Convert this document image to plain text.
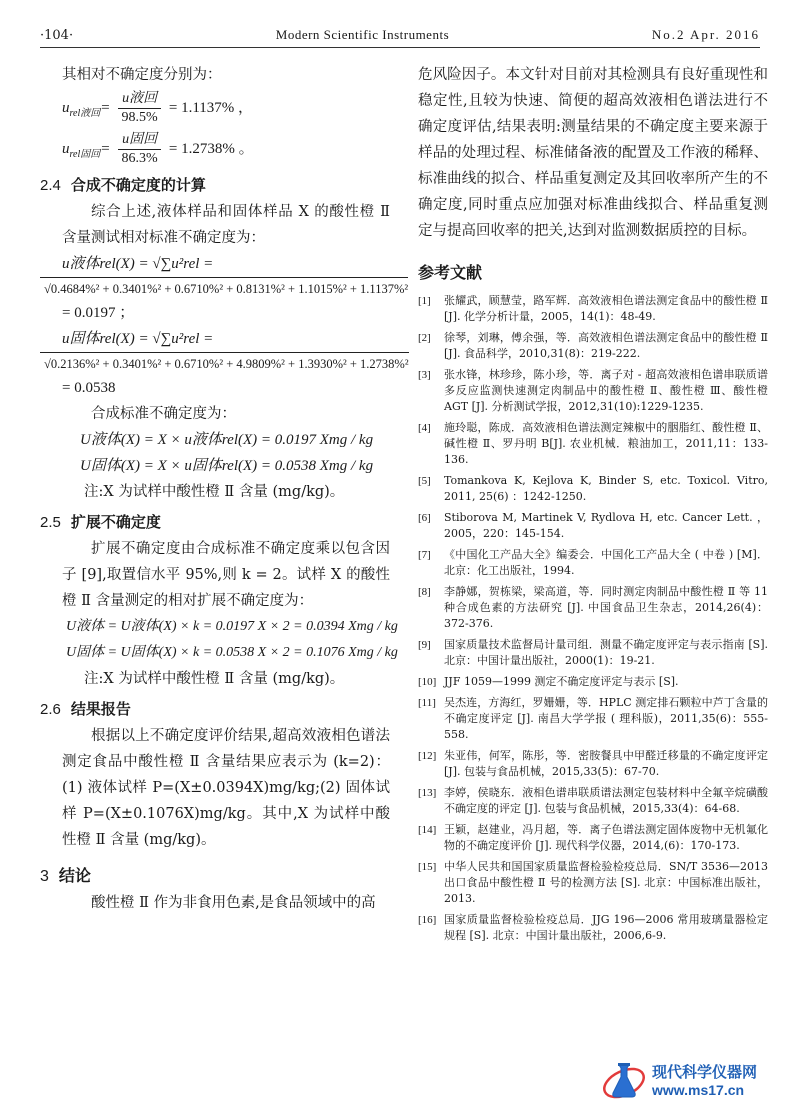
·104·	Modern Scientific Instruments	No.2 Apr. 2016
其相对不确定度分别为：
$u_{rel液回}= \frac{\text{u液回}}{98.5\%} = 1.1137\%$ ，
$u_{rel固回}= \frac{\text{u固回}}{86.3\%} = 1.2738\%$ 。
2.4 合成不确定度的计算
综合上述,液体样品和固体样品 X 的酸性橙 Ⅱ 含量测试相对标准不确定度为：
u液体rel(X) = √∑u²rel =
√0.4684%² + 0.3401%² + 0.6710%² + 0.8131%² + 1.1015%² + 1.1137%²
= 0.0197 ；
u固体rel(X) = √∑u²rel =
√0.2136%² + 0.3401%² + 0.6710%² + 4.9809%² + 1.3930%² + 1.2738%²
= 0.0538
合成标准不确定度为：
U液体(X) = X × u液体rel(X) = 0.0197 Xmg / kg
U固体(X) = X × u固体rel(X) = 0.0538 Xmg / kg
注:X 为试样中酸性橙 Ⅱ 含量 (mg/kg)。
2.5 扩展不确定度
扩展不确定度由合成标准不确定度乘以包含因子 [9],取置信水平 95%,则 k = 2。试样 X 的酸性橙 Ⅱ 含量测定的相对扩展不确定度为：
U液体 = U液体(X) × k = 0.0197 X × 2 = 0.0394 Xmg / kg
U固体 = U固体(X) × k = 0.0538 X × 2 = 0.1076 Xmg / kg
注:X 为试样中酸性橙 Ⅱ 含量 (mg/kg)。
2.6 结果报告
根据以上不确定度评价结果,超高效液相色谱法测定食品中酸性橙 Ⅱ 含量结果应表示为 (k=2)：(1) 液体试样 P=(X±0.0394X)mg/kg;(2) 固体试样 P=(X±0.1076X)mg/kg。其中,X 为试样中酸性橙 Ⅱ 含量 (mg/kg)。
3 结论
酸性橙 Ⅱ 作为非食用色素,是食品领域中的高
危风险因子。本文针对目前对其检测具有良好重现性和稳定性,且较为快速、简便的超高效液相色谱法进行不确定度评估,结果表明:测量结果的不确定度主要来源于样品的处理过程、标准储备液的配置及工作液的稀释、标准曲线的拟合、样品重复测定及其回收率所产生的不确定度,同时重点应加强对标准曲线拟合、样品重复测定与提高回收率的把关,达到对监测数据质控的目标。
参考文献
[1]	张耀武，顾慧莹，路军辉．高效液相色谱法测定食品中的酸性橙 Ⅱ [J]. 化学分析计量，2005，14(1)：48-49.
[2]	徐琴，刘琳，傅余强，等．高效液相色谱法测定食品中的酸性橙 Ⅱ [J]. 食品科学，2010,31(8)：219-222.
[3]	张水锋，林珍珍，陈小珍，等．离子对 - 超高效液相色谱串联质谱多反应监测快速测定肉制品中的酸性橙 Ⅱ、酸性橙 Ⅲ、酸性橙 AGT [J]. 分析测试学报，2012,31(10):1229-1235.
[4]	施玲聪，陈成．高效液相色谱法测定辣椒中的胭脂红、酸性橙 Ⅱ、碱性橙 Ⅱ、罗丹明 B[J]. 农业机械．粮油加工，2011,11：133-136.
[5]	Tomankova K, Kejlova K, Binder S, etc. Toxicol. Vitro, 2011, 25(6) ：1242-1250.
[6]	Stiborova M, Martinek V, Rydlova H, etc. Cancer Lett. ，2005，220：145-154.
[7]	《中国化工产品大全》编委会．中国化工产品大全 ( 中卷 ) [M]．北京：化工出版社，1994.
[8]	李静娜，贺栋梁，梁高道，等．同时测定肉制品中酸性橙 Ⅱ 等 11 种合成色素的方法研究 [J]. 中国食品卫生杂志，2014,26(4)：372-376.
[9]	国家质量技术监督局计量司组．测量不确定度评定与表示指南 [S]. 北京：中国计量出版社，2000(1)：19-21.
[10] JJF 1059—1999 测定不确定度评定与表示 [S].
[11] 吴杰连，方海红，罗姗姗，等．HPLC 测定排石颗粒中芦丁含量的不确定度评定 [J]. 南昌大学学报 ( 理科版)，2011,35(6)：555-558.
[12] 朱亚伟，何军，陈彤，等．密胺餐具中甲醛迁移量的不确定度评定 [J]. 包装与食品机械，2015,33(5)：67-70.
[13] 李婷，侯晓东．液相色谱串联质谱法测定包装材料中全氟辛烷磺酸不确定度的评定 [J]. 包装与食品机械，2015,33(4)：64-68.
[14] 王颖，赵建业，冯月超，等．离子色谱法测定固体废物中无机氟化物的不确定度评价 [J]. 现代科学仪器，2014,(6)：170-173.
[15] 中华人民共和国国家质量监督检验检疫总局．SN/T 3536—2013 出口食品中酸性橙 Ⅱ 号的检测方法 [S]. 北京：中国标准出版社，2013.
[16] 国家质量监督检验检疫总局．JJG 196—2006 常用玻璃量器检定规程 [S]. 北京：中国计量出版社，2006,6-9.
现代科学仪器网
www.ms17.cn
